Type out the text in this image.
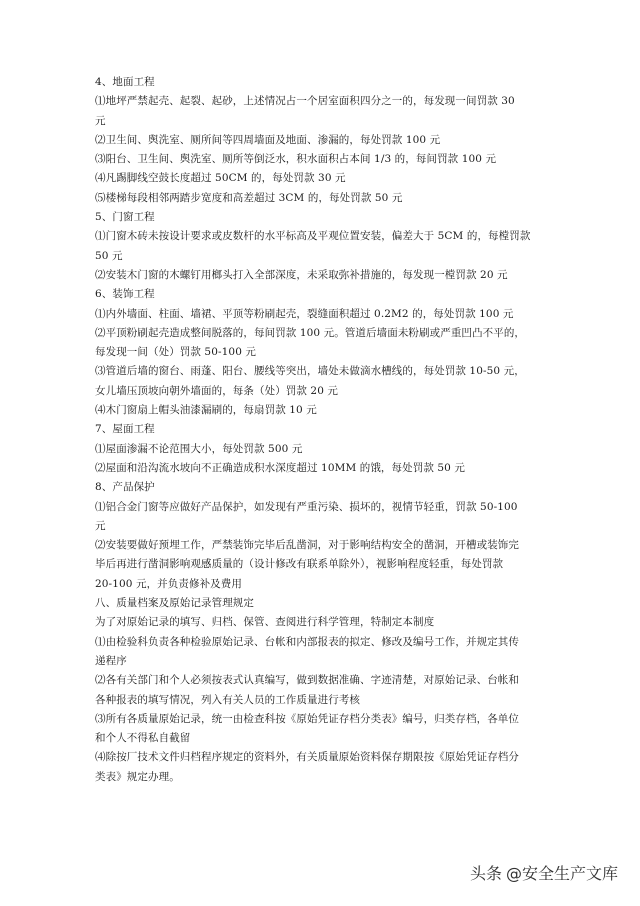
4、地面工程
⑴地坪严禁起壳、起裂、起砂，上述情况占一个居室面积四分之一的，每发现一间罚款 30
元
⑵卫生间、舆洗室、厕所间等四周墙面及地面、渗漏的，每处罚款 100 元
⑶阳台、卫生间、舆洗室、厕所等倒泛水，积水面积占本间 1/3 的，每间罚款 100 元
⑷凡踢脚线空鼓长度超过 50CM 的，每处罚款 30 元
⑸楼梯每段相邻两踏步宽度和高差超过 3CM 的，每处罚款 50 元
5、门窗工程
⑴门窗木砖未按设计要求或皮数杆的水平标高及平观位置安装，偏差大于 5CM 的，每樘罚款
50 元
⑵安装木门窗的木螺钉用榔头打入全部深度，未采取弥补措施的，每发现一樘罚款 20 元
6、装饰工程
⑴内外墙面、柱面、墙裙、平顶等粉刷起壳，裂缝面积超过 0.2M2 的，每处罚款 100 元
⑵平顶粉刷起壳造成整间脱落的，每间罚款 100 元。管道后墙面未粉刷或严重凹凸不平的，
每发现一间（处）罚款 50-100 元
⑶管道后墙的窗台、雨蓬、阳台、腰线等突出，墙处未做滴水槽线的，每处罚款 10-50 元，
女儿墙压顶坡向朝外墙面的，每条（处）罚款 20 元
⑷木门窗扇上帽头油漆漏刷的，每扇罚款 10 元
7、屋面工程
⑴屋面渗漏不论范围大小，每处罚款 500 元
⑵屋面和沿沟流水坡向不正确造成积水深度超过 10MM 的饿，每处罚款 50 元
8、产品保护
⑴铝合金门窗等应做好产品保护，如发现有严重污染、损坏的，视情节轻重，罚款 50-100
元
⑵安装要做好预埋工作，严禁装饰完毕后乱凿洞，对于影响结构安全的凿洞，开槽或装饰完
毕后再进行凿洞影响观感质量的（设计修改有联系单除外），视影响程度轻重，每处罚款
20-100 元，并负责修补及费用
八、质量档案及原始记录管理规定
为了对原始记录的填写、归档、保管、查阅进行科学管理，特制定本制度
⑴由检验科负责各种检验原始记录、台帐和内部报表的拟定、修改及编号工作，并规定其传
递程序
⑵各有关部门和个人必须按表式认真编写，做到数据准确、字迹清楚，对原始记录、台帐和
各种报表的填写情况，列入有关人员的工作质量进行考核
⑶所有各质量原始记录，统一由检查科按《原始凭证存档分类表》编号，归类存档，各单位
和个人不得私自截留
⑷除按厂技术文件归档程序规定的资料外，有关质量原始资料保存期限按《原始凭证存档分
类表》规定办理。
头条 @安全生产文库
